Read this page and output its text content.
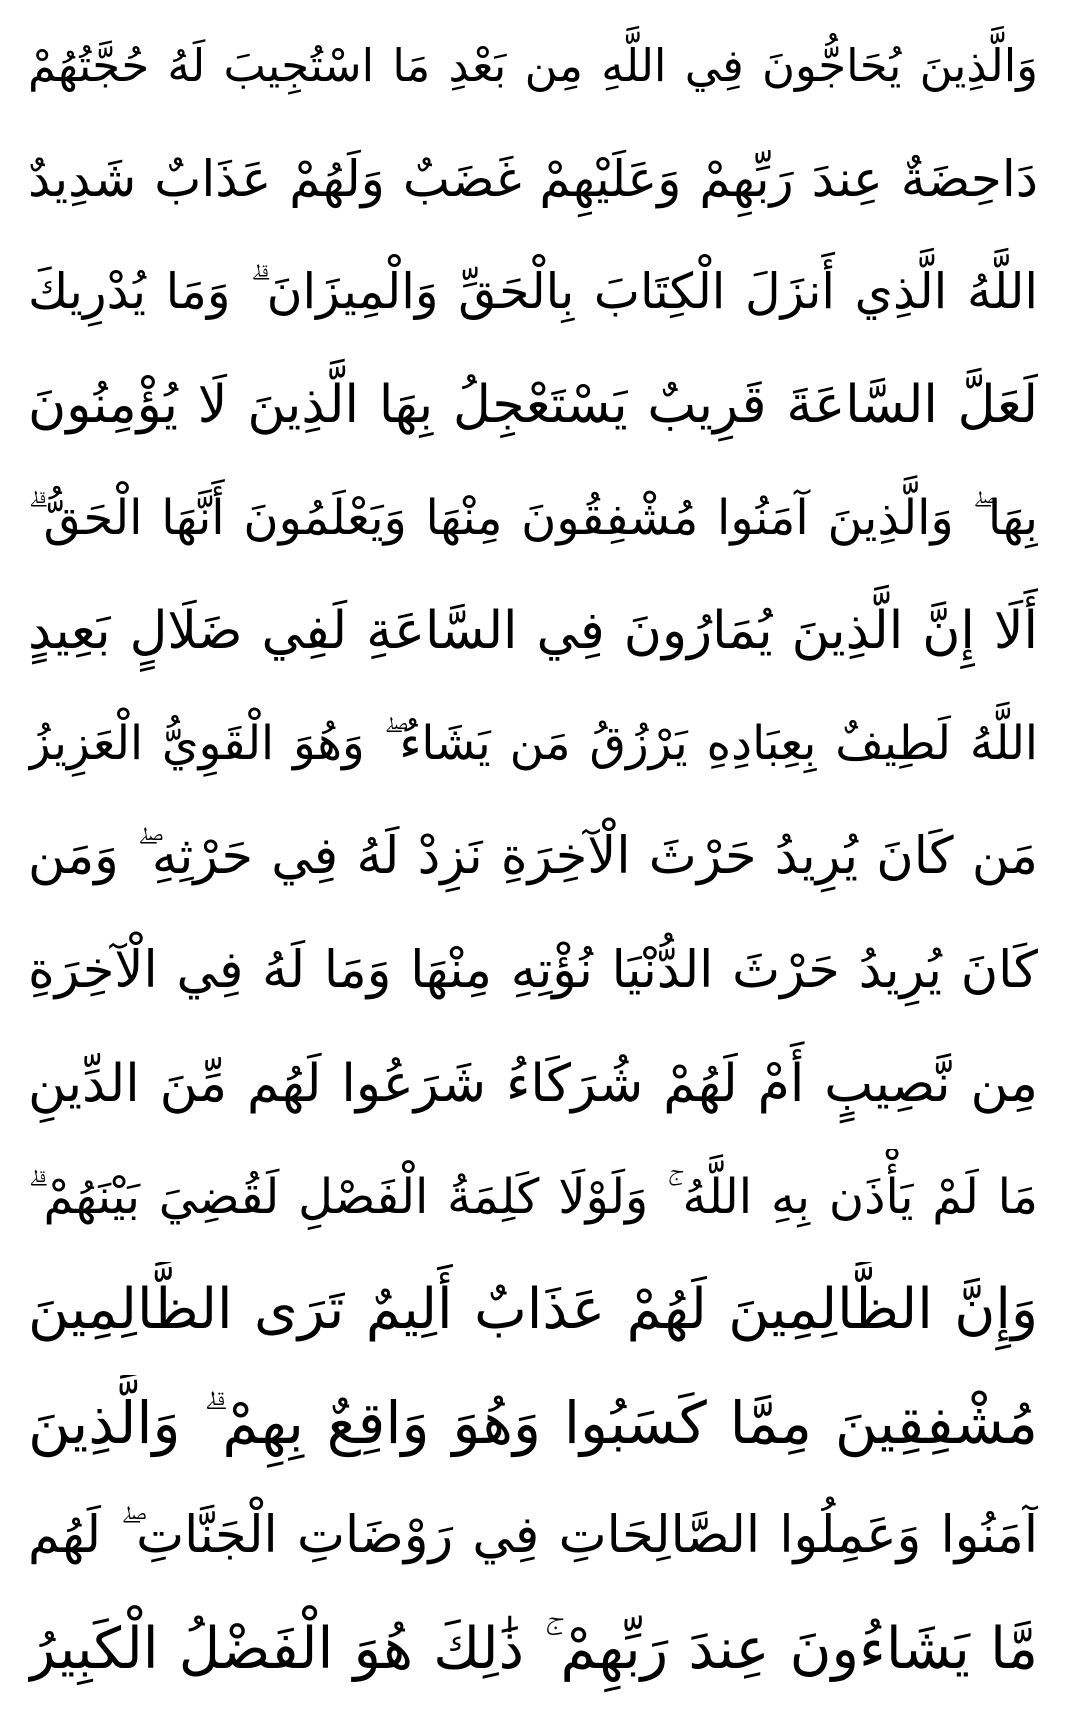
وَالَّذِينَ يُحَاجُّونَ فِي اللَّهِ مِن بَعْدِ مَا اسْتُجِيبَ لَهُ حُجَّتُهُمْ
دَاحِضَةٌ عِندَ رَبِّهِمْ وَعَلَيْهِمْ غَضَبٌ وَلَهُمْ عَذَابٌ شَدِيدٌ
اللَّهُ الَّذِي أَنزَلَ الْكِتَابَ بِالْحَقِّ وَالْمِيزَانَ ۗ وَمَا يُدْرِيكَ
لَعَلَّ السَّاعَةَ قَرِيبٌ يَسْتَعْجِلُ بِهَا الَّذِينَ لَا يُؤْمِنُونَ
بِهَا ۖ وَالَّذِينَ آمَنُوا مُشْفِقُونَ مِنْهَا وَيَعْلَمُونَ أَنَّهَا الْحَقُّ ۗ
أَلَا إِنَّ الَّذِينَ يُمَارُونَ فِي السَّاعَةِ لَفِي ضَلَالٍ بَعِيدٍ
اللَّهُ لَطِيفٌ بِعِبَادِهِ يَرْزُقُ مَن يَشَاءُ ۖ وَهُوَ الْقَوِيُّ الْعَزِيزُ
مَن كَانَ يُرِيدُ حَرْثَ الْآخِرَةِ نَزِدْ لَهُ فِي حَرْثِهِ ۖ وَمَن
كَانَ يُرِيدُ حَرْثَ الدُّنْيَا نُؤْتِهِ مِنْهَا وَمَا لَهُ فِي الْآخِرَةِ
مِن نَّصِيبٍ أَمْ لَهُمْ شُرَكَاءُ شَرَعُوا لَهُم مِّنَ الدِّينِ
مَا لَمْ يَأْذَن بِهِ اللَّهُ ۚ وَلَوْلَا كَلِمَةُ الْفَصْلِ لَقُضِيَ بَيْنَهُمْ ۗ
وَإِنَّ الظَّالِمِينَ لَهُمْ عَذَابٌ أَلِيمٌ تَرَى الظَّالِمِينَ
مُشْفِقِينَ مِمَّا كَسَبُوا وَهُوَ وَاقِعٌ بِهِمْ ۗ وَالَّذِينَ
آمَنُوا وَعَمِلُوا الصَّالِحَاتِ فِي رَوْضَاتِ الْجَنَّاتِ ۖ لَهُم
مَّا يَشَاءُونَ عِندَ رَبِّهِمْ ۚ ذَٰلِكَ هُوَ الْفَضْلُ الْكَبِيرُ
